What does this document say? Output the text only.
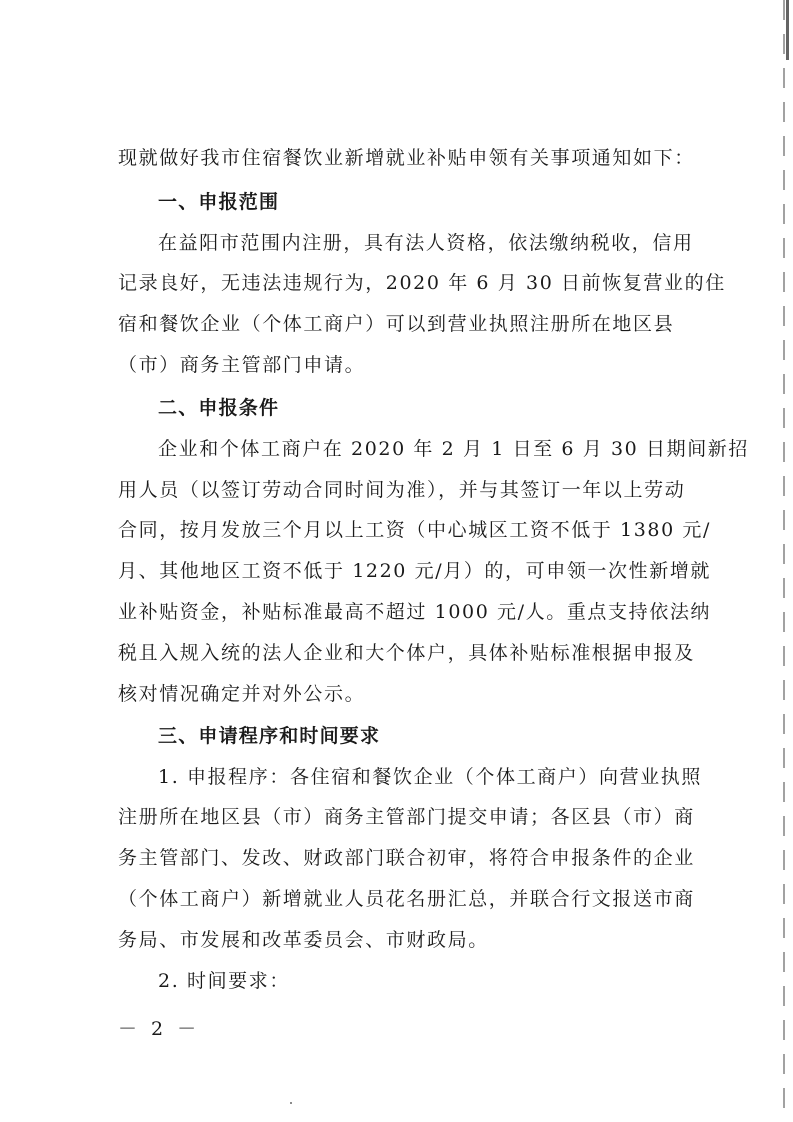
现就做好我市住宿餐饮业新增就业补贴申领有关事项通知如下：
一、申报范围
在益阳市范围内注册，具有法人资格，依法缴纳税收，信用
记录良好，无违法违规行为，2020 年 6 月 30 日前恢复营业的住
宿和餐饮企业（个体工商户）可以到营业执照注册所在地区县
（市）商务主管部门申请。
二、申报条件
企业和个体工商户在 2020 年 2 月 1 日至 6 月 30 日期间新招
用人员（以签订劳动合同时间为准），并与其签订一年以上劳动
合同，按月发放三个月以上工资（中心城区工资不低于 1380 元/
月、其他地区工资不低于 1220 元/月）的，可申领一次性新增就
业补贴资金，补贴标准最高不超过 1000 元/人。重点支持依法纳
税且入规入统的法人企业和大个体户，具体补贴标准根据申报及
核对情况确定并对外公示。
三、申请程序和时间要求
1. 申报程序：各住宿和餐饮企业（个体工商户）向营业执照
注册所在地区县（市）商务主管部门提交申请；各区县（市）商
务主管部门、发改、财政部门联合初审，将符合申报条件的企业
（个体工商户）新增就业人员花名册汇总，并联合行文报送市商
务局、市发展和改革委员会、市财政局。
2. 时间要求：
－ 2 －
